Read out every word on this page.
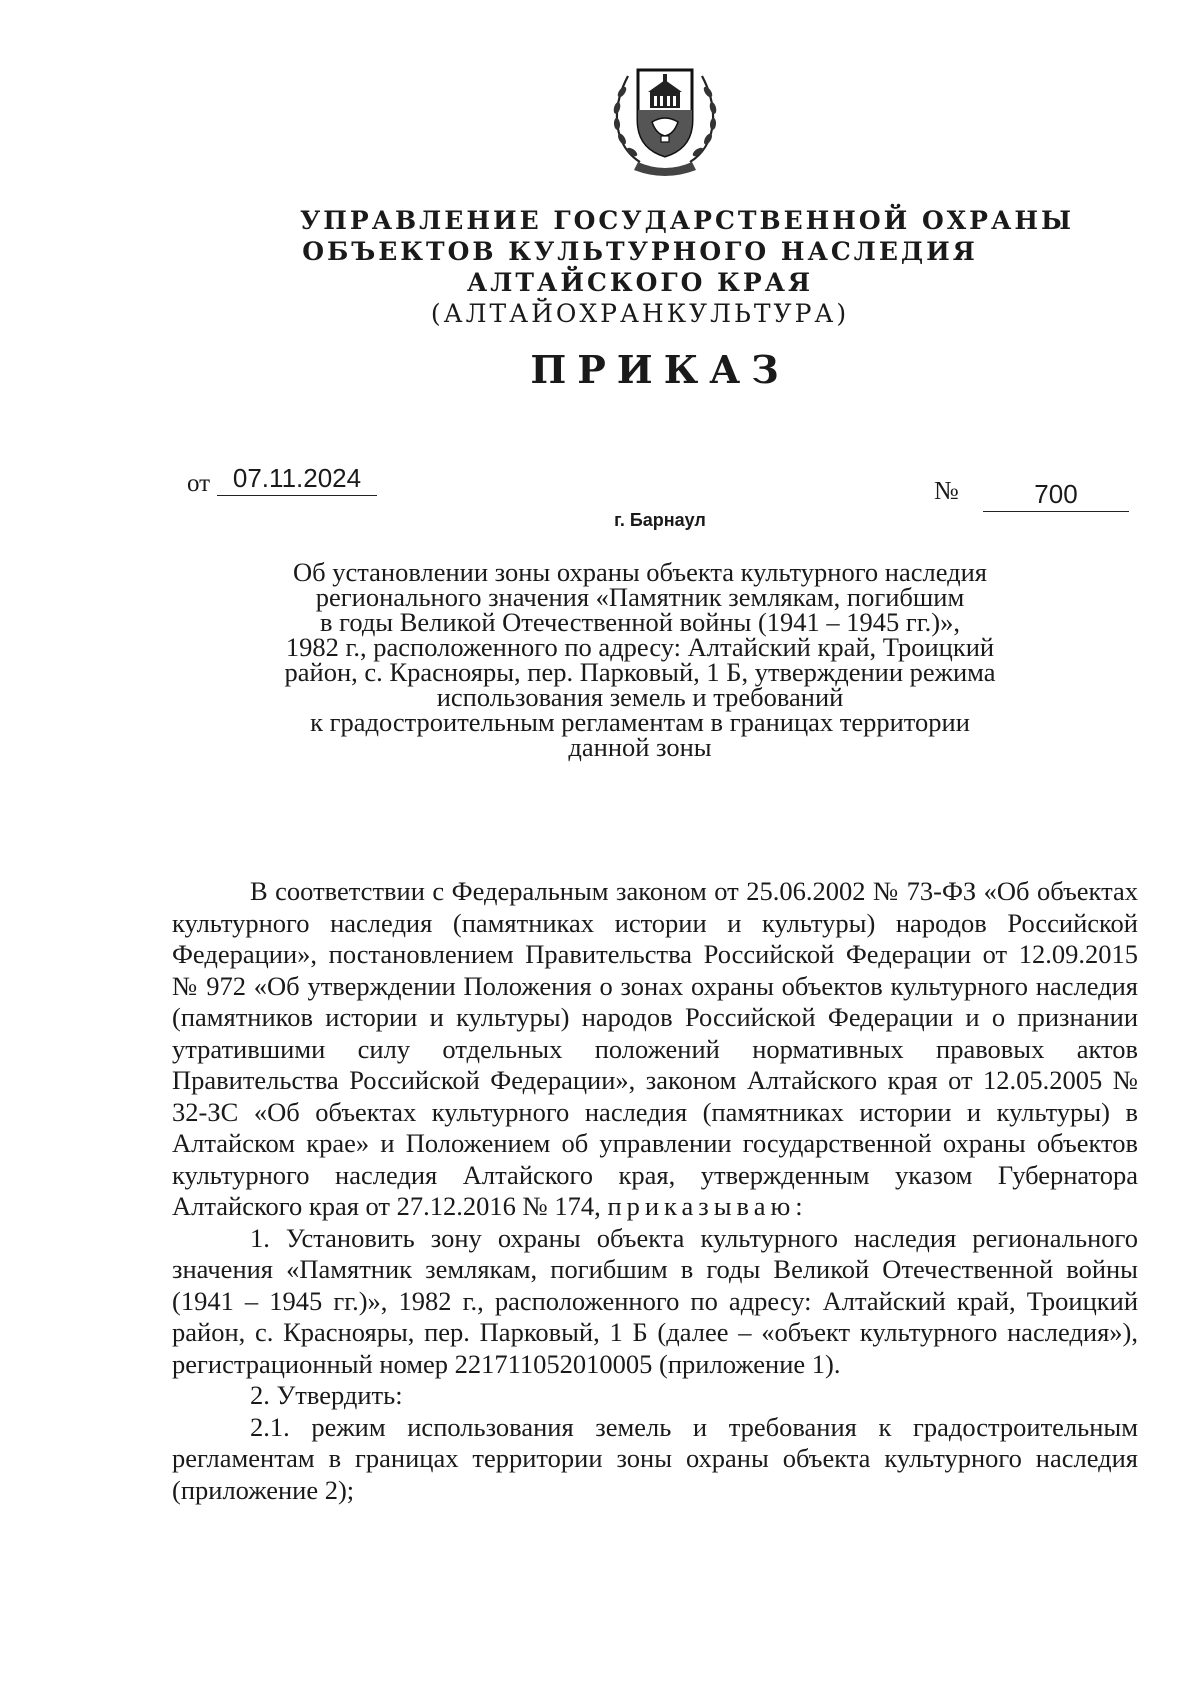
УПРАВЛЕНИЕ ГОСУДАРСТВЕННОЙ ОХРАНЫ
ОБЪЕКТОВ КУЛЬТУРНОГО НАСЛЕДИЯ
АЛТАЙСКОГО КРАЯ
(АЛТАЙОХРАНКУЛЬТУРА)
ПРИКАЗ
от 07.11.2024	№	700
г. Барнаул
Об установлении зоны охраны объекта культурного наследия
регионального значения «Памятник землякам, погибшим
в годы Великой Отечественной войны (1941 – 1945 гг.)»,
1982 г., расположенного по адресу: Алтайский край, Троицкий
район, с. Краснояры, пер. Парковый, 1 Б, утверждении режима
использования земель и требований
к градостроительным регламентам в границах территории
данной зоны

В соответствии с Федеральным законом от 25.06.2002 № 73-ФЗ «Об объектах культурного наследия (памятниках истории и культуры) народов Российской Федерации», постановлением Правительства Российской Федерации от 12.09.2015 № 972 «Об утверждении Положения о зонах охраны объектов культурного наследия (памятников истории и культуры) народов Российской Федерации и о признании утратившими силу отдельных положений нормативных правовых актов Правительства Российской Федерации», законом Алтайского края от 12.05.2005 № 32-ЗС «Об объектах культурного наследия (памятниках истории и культуры) в Алтайском крае» и Положением об управлении государственной охраны объектов культурного наследия Алтайского края, утвержденным указом Губернатора Алтайского края от 27.12.2016 № 174, приказываю:

1. Установить зону охраны объекта культурного наследия регионального значения «Памятник землякам, погибшим в годы Великой Отечественной войны (1941 – 1945 гг.)», 1982 г., расположенного по адресу: Алтайский край, Троицкий район, с. Краснояры, пер. Парковый, 1 Б (далее – «объект культурного наследия»), регистрационный номер 221711052010005 (приложение 1).

2. Утвердить:

2.1. режим использования земель и требования к градостроительным регламентам в границах территории зоны охраны объекта культурного наследия (приложение 2);
